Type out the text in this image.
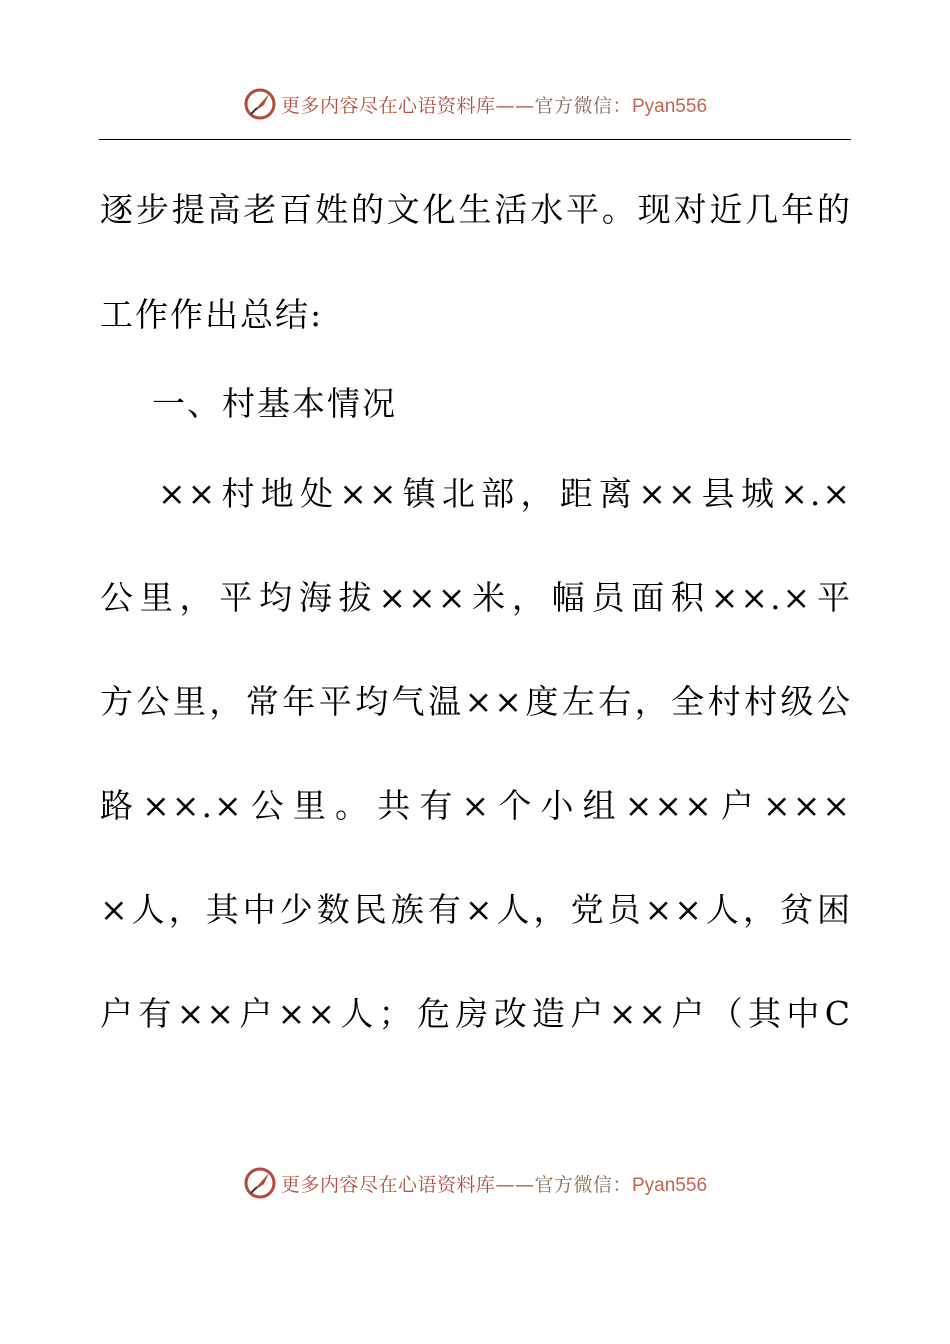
更多内容尽在心语资料库——官方微信：Pyan556
逐步提高老百姓的文化生活水平。现对近几年的
工作作出总结:
一、村基本情况
××村地处××镇北部，距离××县城×.×
公里，平均海拔×××米，幅员面积××.×平
方公里，常年平均气温××度左右，全村村级公
路××.×公里。共有×个小组×××户×××
×人，其中少数民族有×人，党员××人，贫困
户有××户××人；危房改造户××户（其中C
更多内容尽在心语资料库——官方微信：Pyan556
